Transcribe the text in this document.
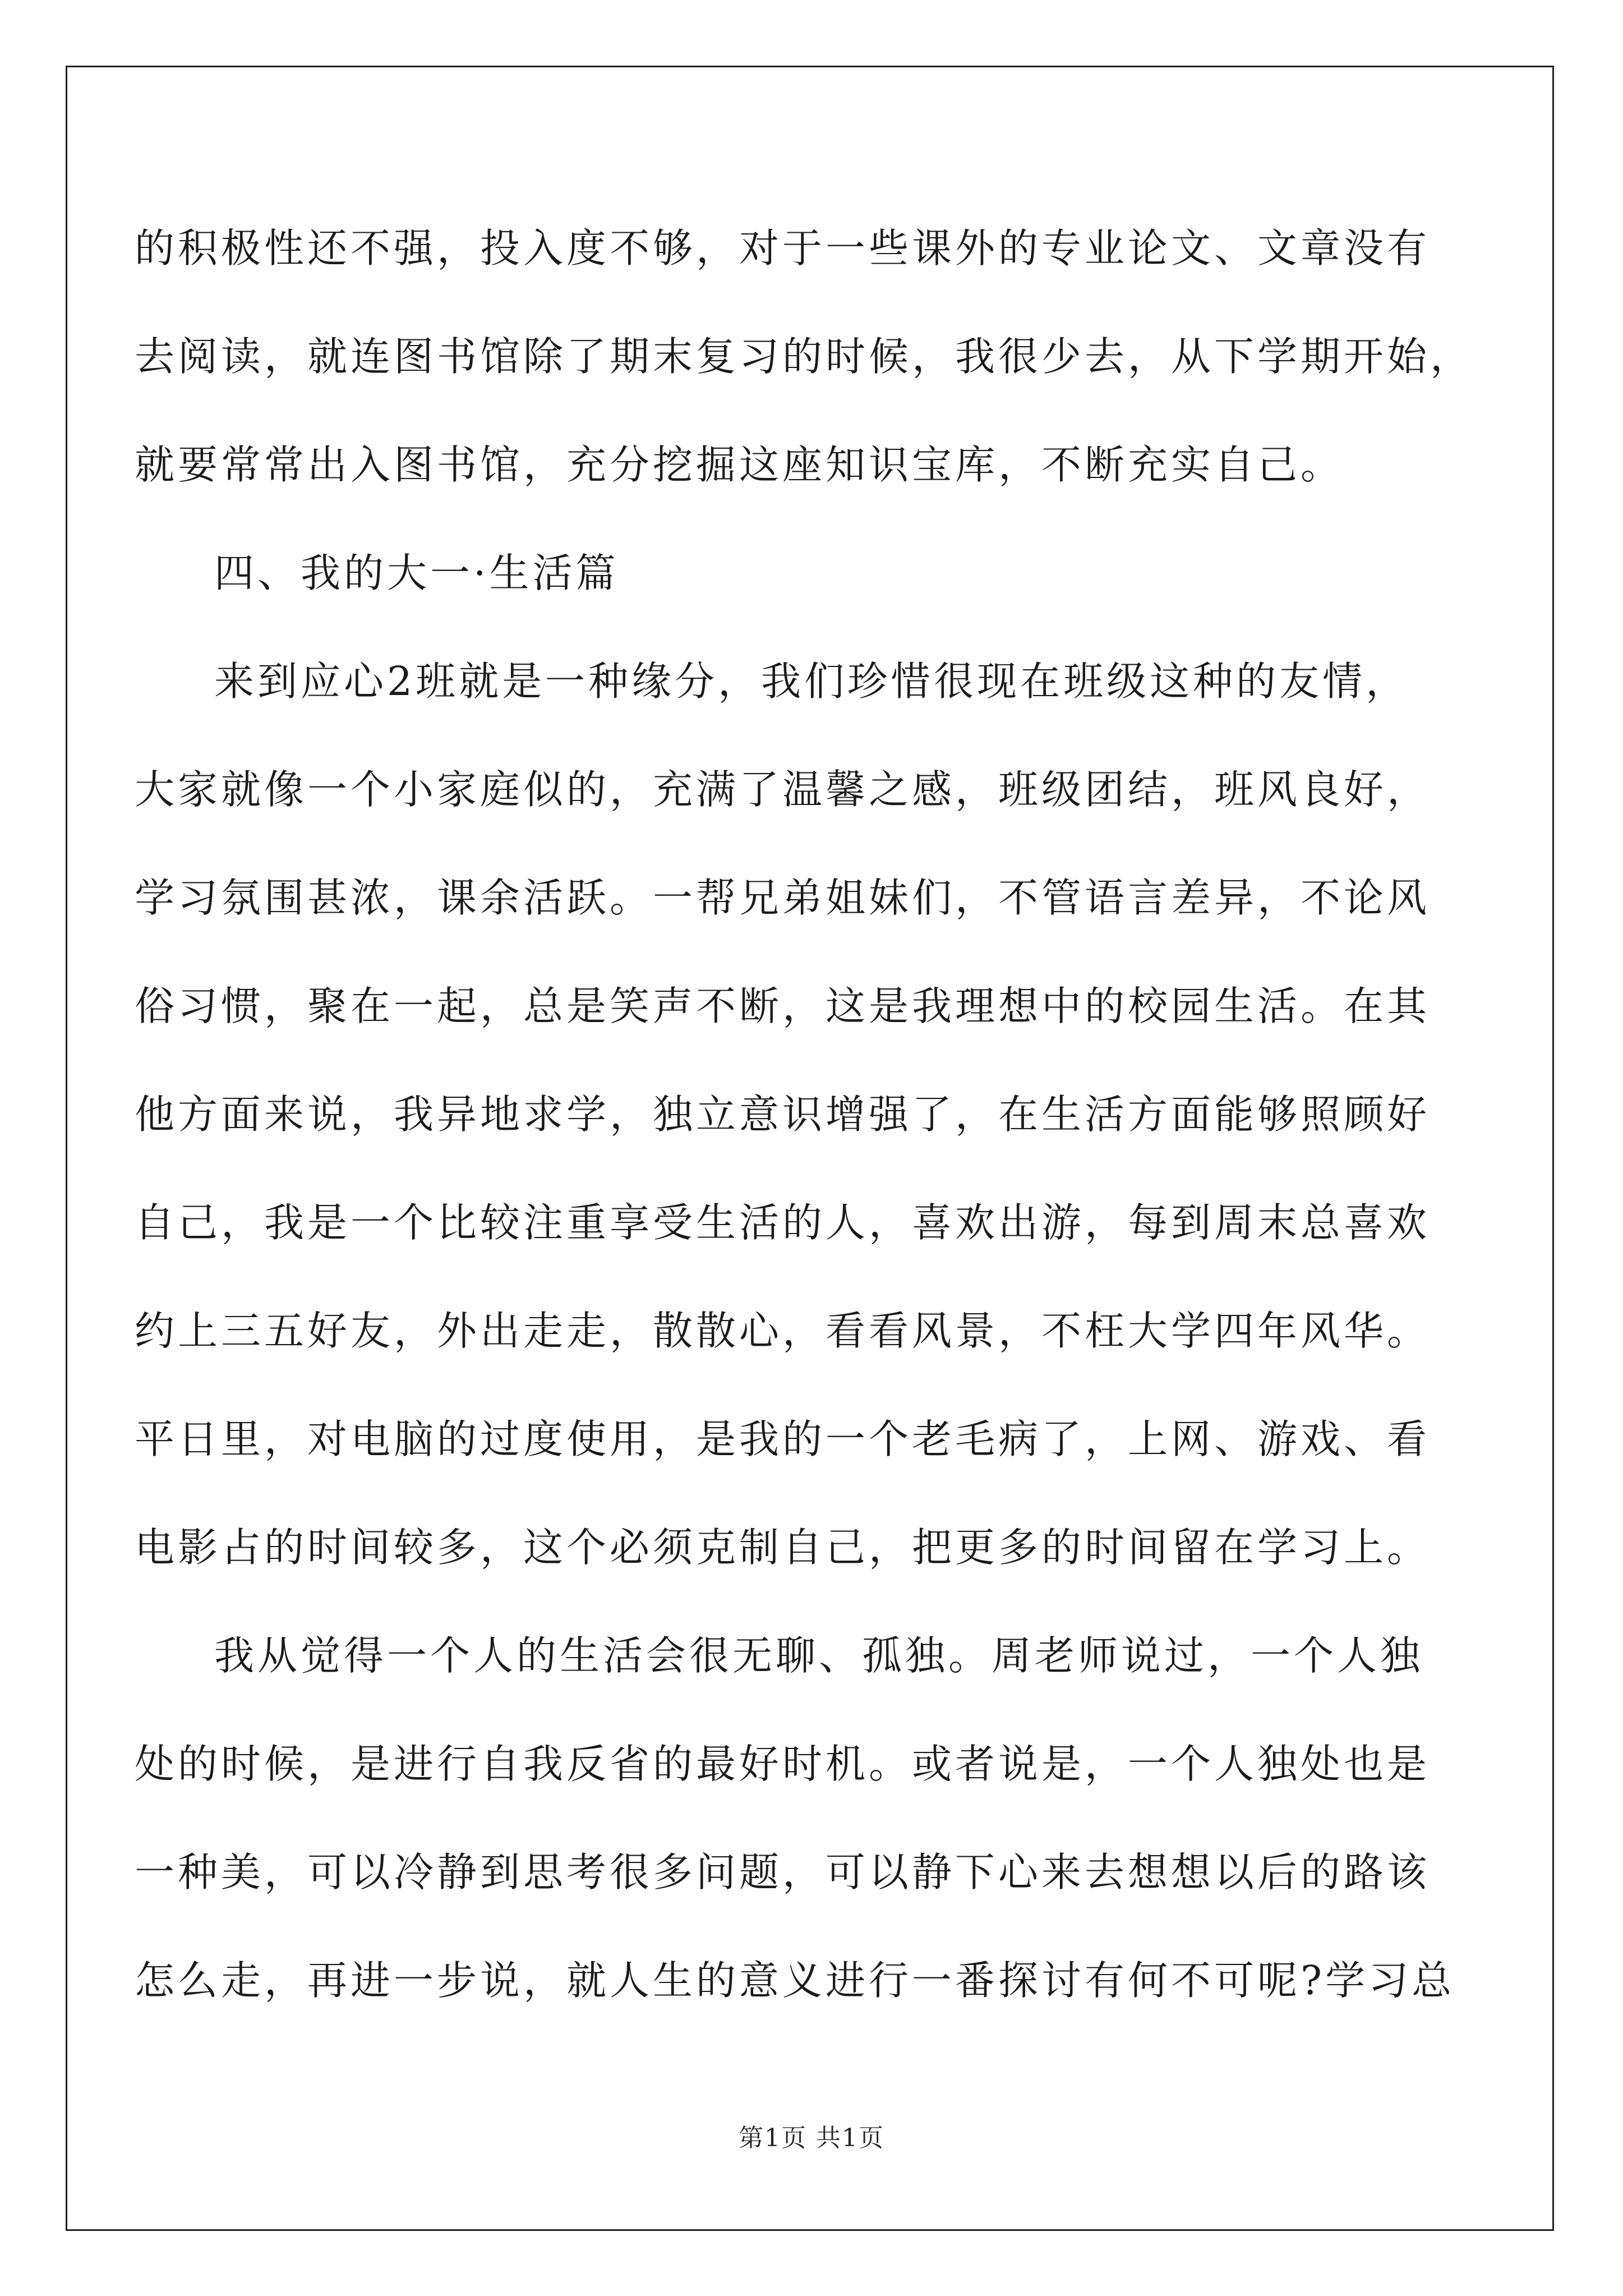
的积极性还不强，投入度不够，对于一些课外的专业论文、文章没有
去阅读，就连图书馆除了期末复习的时候，我很少去，从下学期开始，
就要常常出入图书馆，充分挖掘这座知识宝库，不断充实自己。
四、我的大一·生活篇
来到应心2班就是一种缘分，我们珍惜很现在班级这种的友情，
大家就像一个小家庭似的，充满了温馨之感，班级团结，班风良好，
学习氛围甚浓，课余活跃。一帮兄弟姐妹们，不管语言差异，不论风
俗习惯，聚在一起，总是笑声不断，这是我理想中的校园生活。在其
他方面来说，我异地求学，独立意识增强了，在生活方面能够照顾好
自己，我是一个比较注重享受生活的人，喜欢出游，每到周末总喜欢
约上三五好友，外出走走，散散心，看看风景，不枉大学四年风华。
平日里，对电脑的过度使用，是我的一个老毛病了，上网、游戏、看
电影占的时间较多，这个必须克制自己，把更多的时间留在学习上。
我从觉得一个人的生活会很无聊、孤独。周老师说过，一个人独
处的时候，是进行自我反省的最好时机。或者说是，一个人独处也是
一种美，可以冷静到思考很多问题，可以静下心来去想想以后的路该
怎么走，再进一步说，就人生的意义进行一番探讨有何不可呢?学习总
第1页 共1页
